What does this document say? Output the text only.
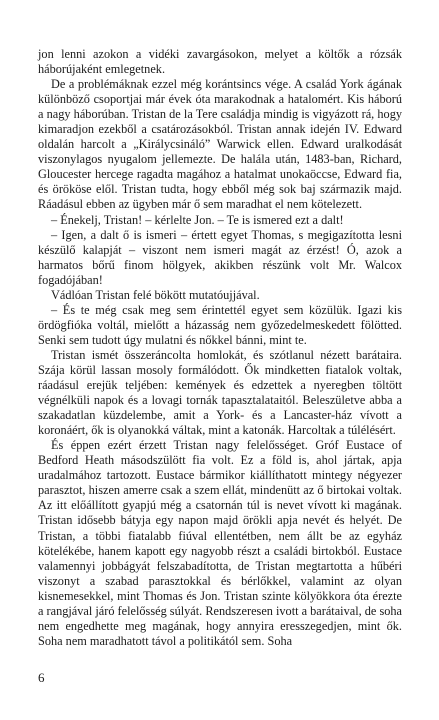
jon lenni azokon a vidéki zavargásokon, melyet a költők a rózsák háborújaként emlegetnek.

De a problémáknak ezzel még korántsincs vége. A család York ágának különböző csoportjai már évek óta marakodnak a hatalomért. Kis háború a nagy háborúban. Tristan de la Tere családja mindig is vigyázott rá, hogy kimaradjon ezekből a csatározásokból. Tristan annak idején IV. Edward oldalán harcolt a „Királycsináló” Warwick ellen. Edward uralkodását viszonylagos nyugalom jellemezte. De halála után, 1483-ban, Richard, Gloucester hercege ragadta magához a hatalmat unokaöccse, Edward fia, és örököse elől. Tristan tudta, hogy ebből még sok baj származik majd. Ráadásul ebben az ügyben már ő sem maradhat el nem kötelezett.

– Énekelj, Tristan! – kérlelte Jon. – Te is ismered ezt a dalt!

– Igen, a dalt ő is ismeri – értett egyet Thomas, s megigazította lesni készülő kalapját – viszont nem ismeri magát az érzést! Ó, azok a harmatos bőrű finom hölgyek, akikben részünk volt Mr. Walcox fogadójában!

Vádlóan Tristan felé bökött mutatóujjával.

– És te még csak meg sem érintettél egyet sem közülük. Igazi kis ördögfióka voltál, mielőtt a házasság nem győzedelmeskedett fölötted. Senki sem tudott úgy mulatni és nőkkel bánni, mint te.

Tristan ismét összeráncolta homlokát, és szótlanul nézett barátaira. Szája körül lassan mosoly formálódott. Ők mindketten fiatalok voltak, ráadásul erejük teljében: kemények és edzettek a nyeregben töltött végnélküli napok és a lovagi tornák tapasztalataitól. Beleszületve abba a szakadatlan küzdelembe, amit a York- és a Lancaster-ház vívott a koronáért, ők is olyanokká váltak, mint a katonák. Harcoltak a túlélésért.

És éppen ezért érzett Tristan nagy felelősséget. Gróf Eustace of Bedford Heath másodszülött fia volt. Ez a föld is, ahol jártak, apja uradalmához tartozott. Eustace bármikor kiállíthatott mintegy négyezer parasztot, hiszen amerre csak a szem ellát, mindenütt az ő birtokai voltak. Az itt előállított gyapjú még a csatornán túl is nevet vívott ki magának. Tristan idősebb bátyja egy napon majd örökli apja nevét és helyét. De Tristan, a többi fiatalabb fiúval ellentétben, nem állt be az egyház kötelékébe, hanem kapott egy nagyobb részt a családi birtokból. Eustace valamennyi jobbágyát felszabadította, de Tristan megtartotta a hűbéri viszonyt a szabad parasztokkal és bérlőkkel, valamint az olyan kisnemesekkel, mint Thomas és Jon. Tristan szinte kölyökkora óta érezte a rangjával járó felelősség súlyát. Rendszeresen ivott a barátaival, de soha nem engedhette meg magának, hogy annyira eresszegedjen, mint ők. Soha nem maradhatott távol a politikától sem. Soha

6
